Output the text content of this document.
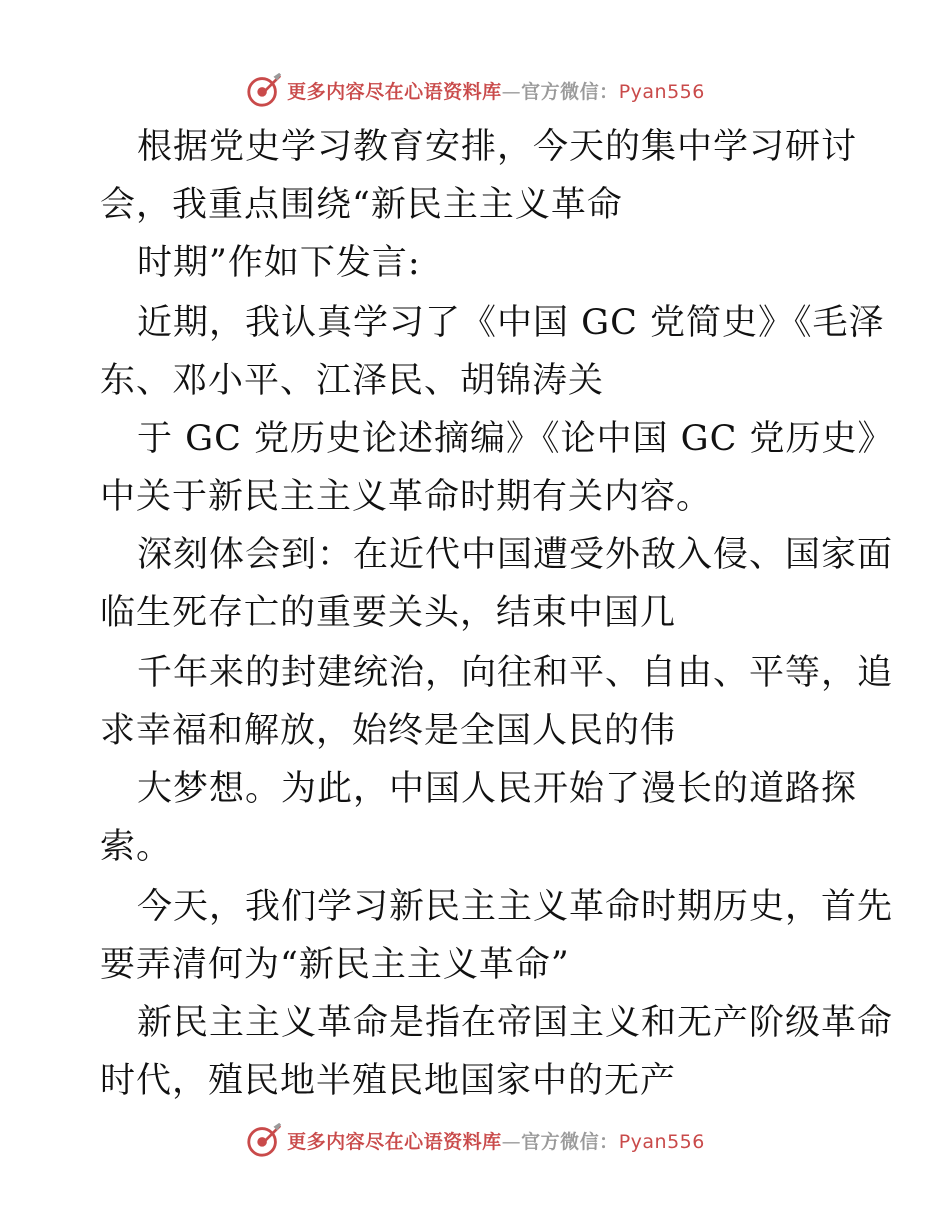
更多内容尽在心语资料库—官方微信：Pyan556
根据党史学习教育安排，今天的集中学习研讨
会，我重点围绕“新民主主义革命
时期”作如下发言:
近期，我认真学习了《中国 GC 党简史》《毛泽
东、邓小平、江泽民、胡锦涛关
于 GC 党历史论述摘编》《论中国 GC 党历史》
中关于新民主主义革命时期有关内容。
深刻体会到：在近代中国遭受外敌入侵、国家面
临生死存亡的重要关头，结束中国几
千年来的封建统治，向往和平、自由、平等，追
求幸福和解放，始终是全国人民的伟
大梦想。为此，中国人民开始了漫长的道路探
索。
今天，我们学习新民主主义革命时期历史，首先
要弄清何为“新民主主义革命”
新民主主义革命是指在帝国主义和无产阶级革命
时代，殖民地半殖民地国家中的无产
更多内容尽在心语资料库—官方微信：Pyan556
